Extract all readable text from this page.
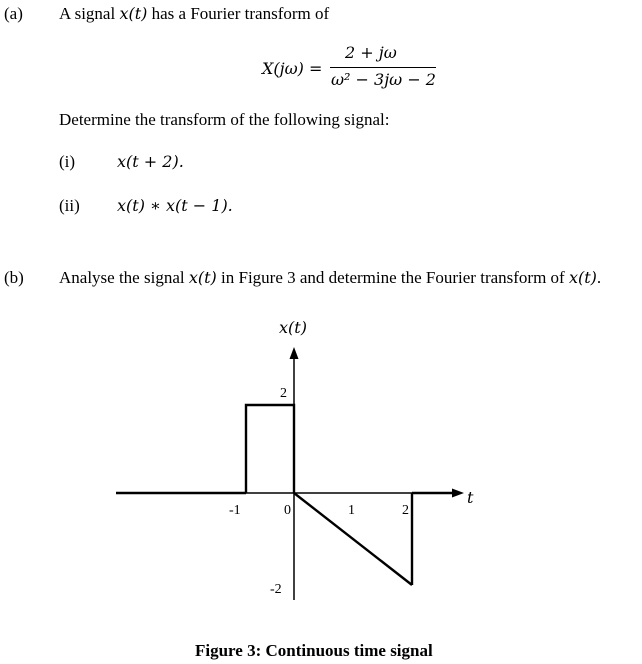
(a) A signal x(t) has a Fourier transform of
X(jω) =
2 + jω
ω² − 3jω − 2
Determine the transform of the following signal:
(i)	x(t + 2).
(ii) x(t) ∗ x(t − 1).
(b) Analyse the signal x(t) in Figure 3 and determine the Fourier transform of x(t).
x(t)
t
2
-1	0	1	2
-2
Figure 3: Continuous time signal
